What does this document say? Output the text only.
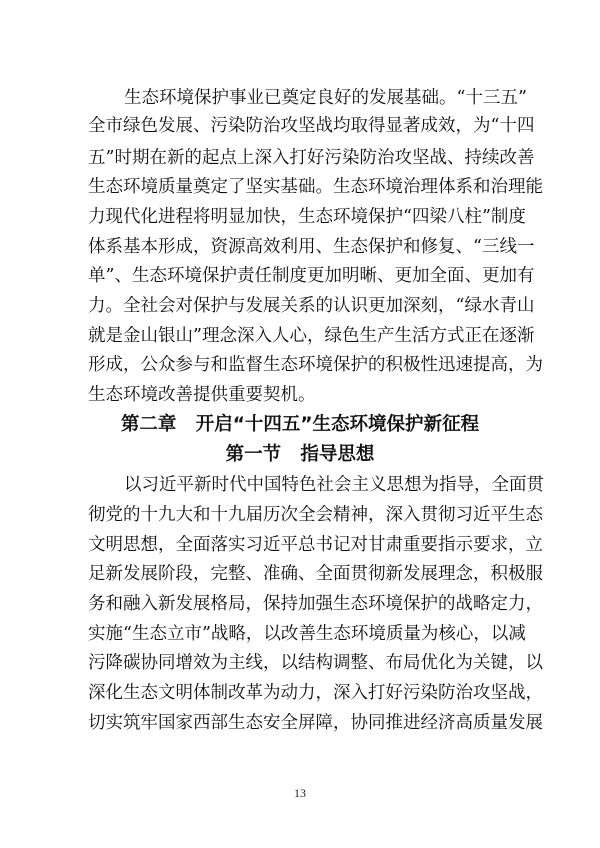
生态环境保护事业已奠定良好的发展基础。“十三五”
全市绿色发展、污染防治攻坚战均取得显著成效，为“十四
五”时期在新的起点上深入打好污染防治攻坚战、持续改善
生态环境质量奠定了坚实基础。生态环境治理体系和治理能
力现代化进程将明显加快，生态环境保护“四梁八柱”制度
体系基本形成，资源高效利用、生态保护和修复、“三线一
单”、生态环境保护责任制度更加明晰、更加全面、更加有
力。全社会对保护与发展关系的认识更加深刻，“绿水青山
就是金山银山”理念深入人心，绿色生产生活方式正在逐渐
形成，公众参与和监督生态环境保护的积极性迅速提高，为
生态环境改善提供重要契机。
第二章   开启“十四五”生态环境保护新征程
第一节   指导思想
以习近平新时代中国特色社会主义思想为指导，全面贯
彻党的十九大和十九届历次全会精神，深入贯彻习近平生态
文明思想，全面落实习近平总书记对甘肃重要指示要求，立
足新发展阶段，完整、准确、全面贯彻新发展理念，积极服
务和融入新发展格局，保持加强生态环境保护的战略定力，
实施“生态立市”战略，以改善生态环境质量为核心，以减
污降碳协同增效为主线，以结构调整、布局优化为关键，以
深化生态文明体制改革为动力，深入打好污染防治攻坚战，
切实筑牢国家西部生态安全屏障，协同推进经济高质量发展
13
